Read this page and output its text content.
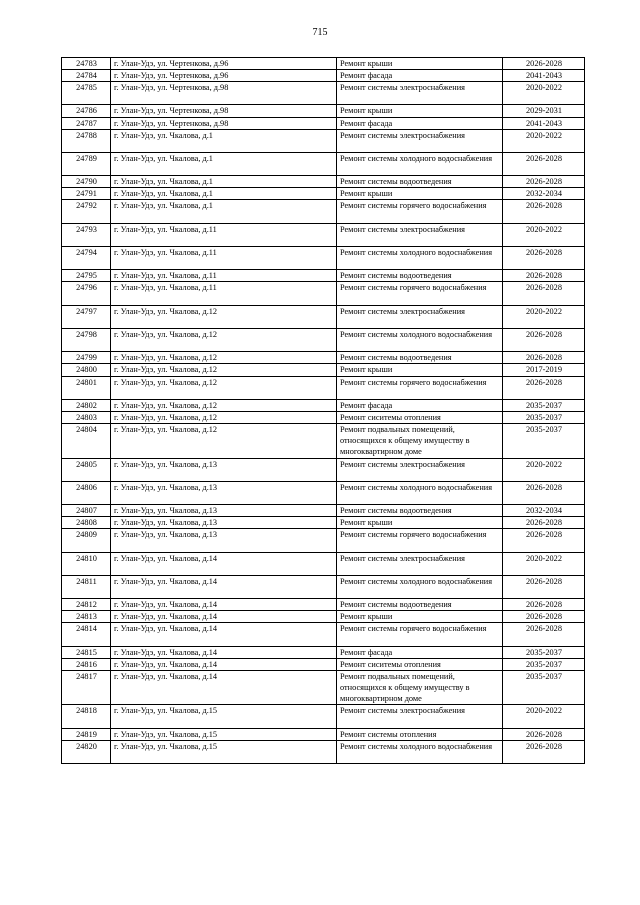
715
24783	г. Улан-Удэ, ул. Чертенкова, д.96	Ремонт крыши	2026-2028
24784	г. Улан-Удэ, ул. Чертенкова, д.96	Ремонт фасада	2041-2043
24785	г. Улан-Удэ, ул. Чертенкова, д.98	Ремонт системы электроснабжения	2020-2022
24786	г. Улан-Удэ, ул. Чертенкова, д.98	Ремонт крыши	2029-2031
24787	г. Улан-Удэ, ул. Чертенкова, д.98	Ремонт фасада	2041-2043
24788	г. Улан-Удэ, ул. Чкалова, д.1	Ремонт системы электроснабжения	2020-2022
24789	г. Улан-Удэ, ул. Чкалова, д.1	Ремонт системы холодного водоснабжения	2026-2028
24790	г. Улан-Удэ, ул. Чкалова, д.1	Ремонт системы водоотведения	2026-2028
24791	г. Улан-Удэ, ул. Чкалова, д.1	Ремонт крыши	2032-2034
24792	г. Улан-Удэ, ул. Чкалова, д.1	Ремонт системы горячего водоснабжения	2026-2028
24793	г. Улан-Удэ, ул. Чкалова, д.11	Ремонт системы электроснабжения	2020-2022
24794	г. Улан-Удэ, ул. Чкалова, д.11	Ремонт системы холодного водоснабжения	2026-2028
24795	г. Улан-Удэ, ул. Чкалова, д.11	Ремонт системы водоотведения	2026-2028
24796	г. Улан-Удэ, ул. Чкалова, д.11	Ремонт системы горячего водоснабжения	2026-2028
24797	г. Улан-Удэ, ул. Чкалова, д.12	Ремонт системы электроснабжения	2020-2022
24798	г. Улан-Удэ, ул. Чкалова, д.12	Ремонт системы холодного водоснабжения	2026-2028
24799	г. Улан-Удэ, ул. Чкалова, д.12	Ремонт системы водоотведения	2026-2028
24800	г. Улан-Удэ, ул. Чкалова, д.12	Ремонт крыши	2017-2019
24801	г. Улан-Удэ, ул. Чкалова, д.12	Ремонт системы горячего водоснабжения	2026-2028
24802	г. Улан-Удэ, ул. Чкалова, д.12	Ремонт фасада	2035-2037
24803	г. Улан-Удэ, ул. Чкалова, д.12	Ремонт сиситемы отопления	2035-2037
24804	г. Улан-Удэ, ул. Чкалова, д.12	Ремонт подвальных помещений, относящихся к общему имуществу в многоквартирном доме	2035-2037
24805	г. Улан-Удэ, ул. Чкалова, д.13	Ремонт системы электроснабжения	2020-2022
24806	г. Улан-Удэ, ул. Чкалова, д.13	Ремонт системы холодного водоснабжения	2026-2028
24807	г. Улан-Удэ, ул. Чкалова, д.13	Ремонт системы водоотведения	2032-2034
24808	г. Улан-Удэ, ул. Чкалова, д.13	Ремонт крыши	2026-2028
24809	г. Улан-Удэ, ул. Чкалова, д.13	Ремонт системы горячего водоснабжения	2026-2028
24810	г. Улан-Удэ, ул. Чкалова, д.14	Ремонт системы электроснабжения	2020-2022
24811	г. Улан-Удэ, ул. Чкалова, д.14	Ремонт системы холодного водоснабжения	2026-2028
24812	г. Улан-Удэ, ул. Чкалова, д.14	Ремонт системы водоотведения	2026-2028
24813	г. Улан-Удэ, ул. Чкалова, д.14	Ремонт крыши	2026-2028
24814	г. Улан-Удэ, ул. Чкалова, д.14	Ремонт системы горячего водоснабжения	2026-2028
24815	г. Улан-Удэ, ул. Чкалова, д.14	Ремонт фасада	2035-2037
24816	г. Улан-Удэ, ул. Чкалова, д.14	Ремонт сиситемы отопления	2035-2037
24817	г. Улан-Удэ, ул. Чкалова, д.14	Ремонт подвальных помещений, относящихся к общему имуществу в многоквартирном доме	2035-2037
24818	г. Улан-Удэ, ул. Чкалова, д.15	Ремонт системы электроснабжения	2020-2022
24819	г. Улан-Удэ, ул. Чкалова, д.15	Ремонт системы отопления	2026-2028
24820	г. Улан-Удэ, ул. Чкалова, д.15	Ремонт системы холодного водоснабжения	2026-2028
